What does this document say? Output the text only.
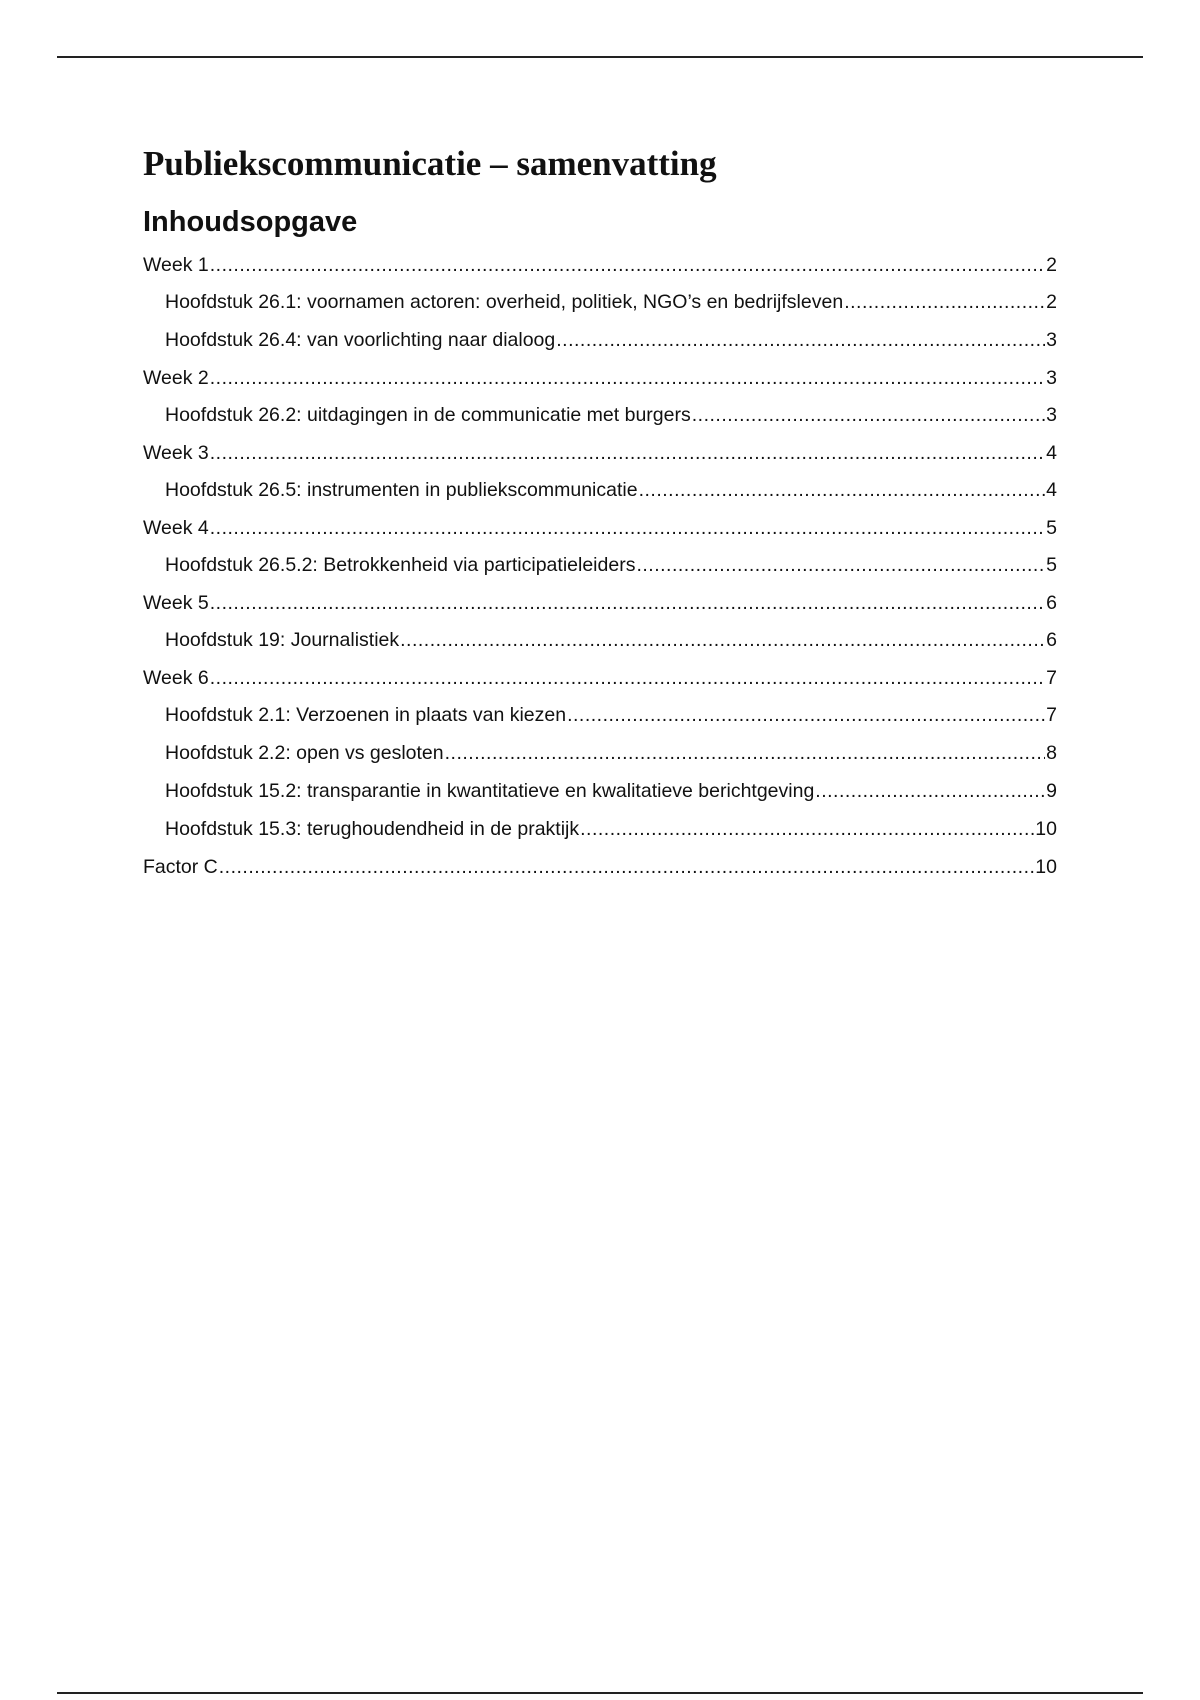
Publiekscommunicatie – samenvatting
Inhoudsopgave
Week 1 .....	2
Hoofdstuk 26.1: voornamen actoren: overheid, politiek, NGO’s en bedrijfsleven .....	2
Hoofdstuk 26.4: van voorlichting naar dialoog .....	3
Week 2 .....	3
Hoofdstuk 26.2: uitdagingen in de communicatie met burgers .....	3
Week 3 .....	4
Hoofdstuk 26.5: instrumenten in publiekscommunicatie .....	4
Week 4 .....	5
Hoofdstuk 26.5.2: Betrokkenheid via participatieleiders .....	5
Week 5 .....	6
Hoofdstuk 19: Journalistiek .....	6
Week 6 .....	7
Hoofdstuk 2.1: Verzoenen in plaats van kiezen .....	7
Hoofdstuk 2.2: open vs gesloten .....	8
Hoofdstuk 15.2: transparantie in kwantitatieve en kwalitatieve berichtgeving .....	9
Hoofdstuk 15.3: terughoudendheid in de praktijk .....	10
Factor C .....	10
